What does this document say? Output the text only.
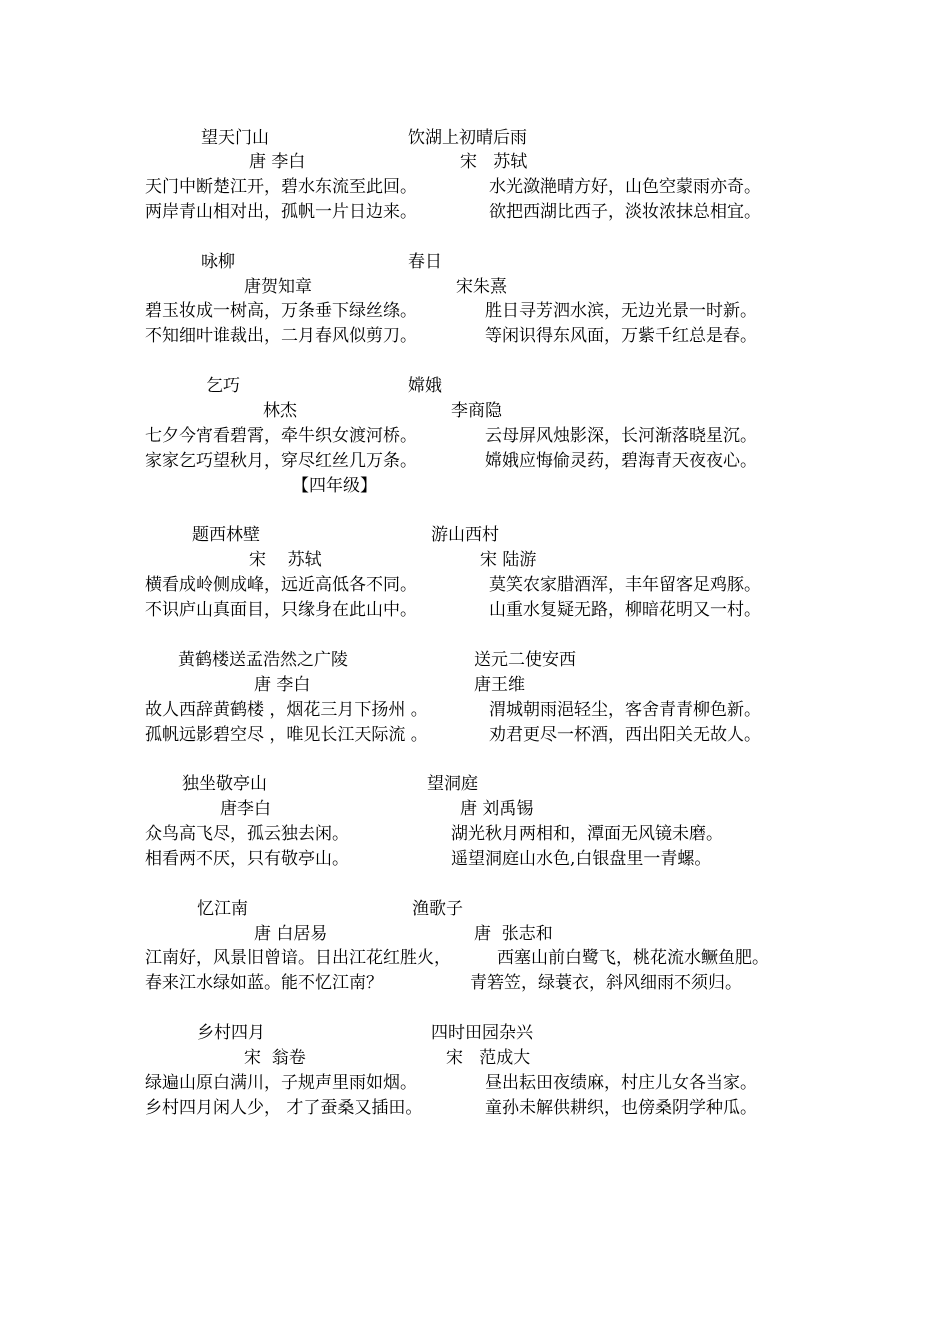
望天门山	饮湖上初晴后雨
唐 李白	宋   苏轼
天门中断楚江开，碧水东流至此回。	水光潋滟晴方好，山色空蒙雨亦奇。
两岸青山相对出，孤帆一片日边来。	欲把西湖比西子，淡妆浓抹总相宜。
咏柳	春日
唐贺知章	宋朱熹
碧玉妆成一树高，万条垂下绿丝绦。	胜日寻芳泗水滨，无边光景一时新。
不知细叶谁裁出，二月春风似剪刀。	等闲识得东风面，万紫千红总是春。
乞巧	嫦娥
林杰	李商隐
七夕今宵看碧霄，牵牛织女渡河桥。	云母屏风烛影深，长河渐落晓星沉。
家家乞巧望秋月，穿尽红丝几万条。	嫦娥应悔偷灵药，碧海青天夜夜心。
【四年级】
题西林壁	游山西村
宋    苏轼	宋 陆游
横看成岭侧成峰，远近高低各不同。	莫笑农家腊酒浑，丰年留客足鸡豚。
不识庐山真面目，只缘身在此山中。	山重水复疑无路，柳暗花明又一村。
黄鹤楼送孟浩然之广陵	送元二使安西
唐 李白	唐王维
故人西辞黄鹤楼 ，烟花三月下扬州 。	渭城朝雨浥轻尘，客舍青青柳色新。
孤帆远影碧空尽 ，唯见长江天际流 。	劝君更尽一杯酒，西出阳关无故人。
独坐敬亭山	望洞庭
唐李白	唐 刘禹锡
众鸟高飞尽，孤云独去闲。	湖光秋月两相和，潭面无风镜未磨。
相看两不厌，只有敬亭山。	遥望洞庭山水色,白银盘里一青螺。
忆江南	渔歌子
唐 白居易	唐  张志和
江南好，风景旧曾谙。日出江花红胜火，	西塞山前白鹭飞，桃花流水鳜鱼肥。
春来江水绿如蓝。能不忆江南？	青箬笠，绿蓑衣，斜风细雨不须归。
乡村四月	四时田园杂兴
宋  翁卷	宋   范成大
绿遍山原白满川，子规声里雨如烟。	昼出耘田夜绩麻，村庄儿女各当家。
乡村四月闲人少， 才了蚕桑又插田。	童孙未解供耕织，也傍桑阴学种瓜。
